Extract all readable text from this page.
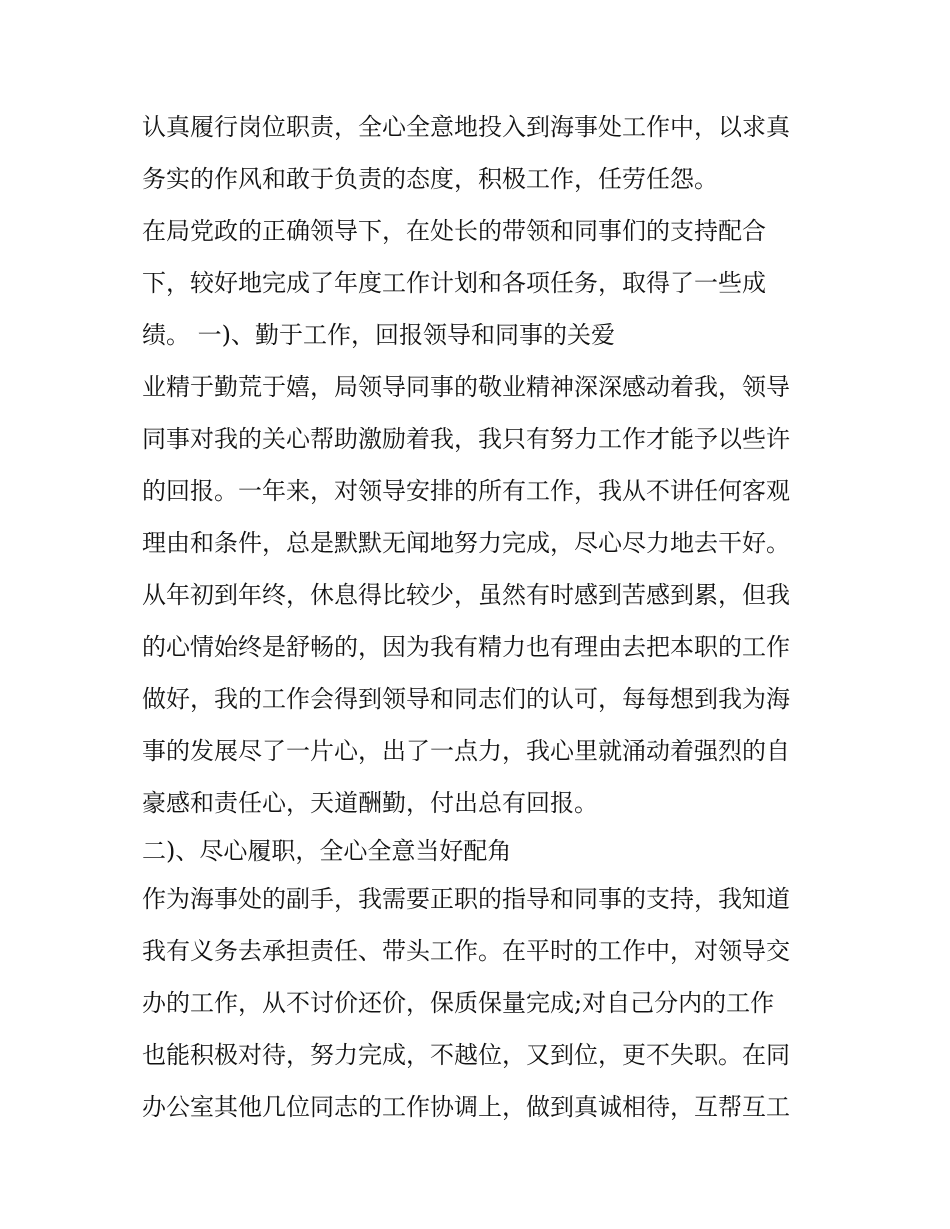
认真履行岗位职责，全心全意地投入到海事处工作中，以求真
务实的作风和敢于负责的态度，积极工作，任劳任怨。
在局党政的正确领导下，在处长的带领和同事们的支持配合
下，较好地完成了年度工作计划和各项任务，取得了一些成
绩。 一)、勤于工作，回报领导和同事的关爱
业精于勤荒于嬉，局领导同事的敬业精神深深感动着我，领导
同事对我的关心帮助激励着我，我只有努力工作才能予以些许
的回报。一年来，对领导安排的所有工作，我从不讲任何客观
理由和条件，总是默默无闻地努力完成，尽心尽力地去干好。
从年初到年终，休息得比较少，虽然有时感到苦感到累，但我
的心情始终是舒畅的，因为我有精力也有理由去把本职的工作
做好，我的工作会得到领导和同志们的认可，每每想到我为海
事的发展尽了一片心，出了一点力，我心里就涌动着强烈的自
豪感和责任心，天道酬勤，付出总有回报。
二)、尽心履职，全心全意当好配角
作为海事处的副手，我需要正职的指导和同事的支持，我知道
我有义务去承担责任、带头工作。在平时的工作中，对领导交
办的工作，从不讨价还价，保质保量完成;对自己分内的工作
也能积极对待，努力完成，不越位，又到位，更不失职。在同
办公室其他几位同志的工作协调上，做到真诚相待，互帮互工
